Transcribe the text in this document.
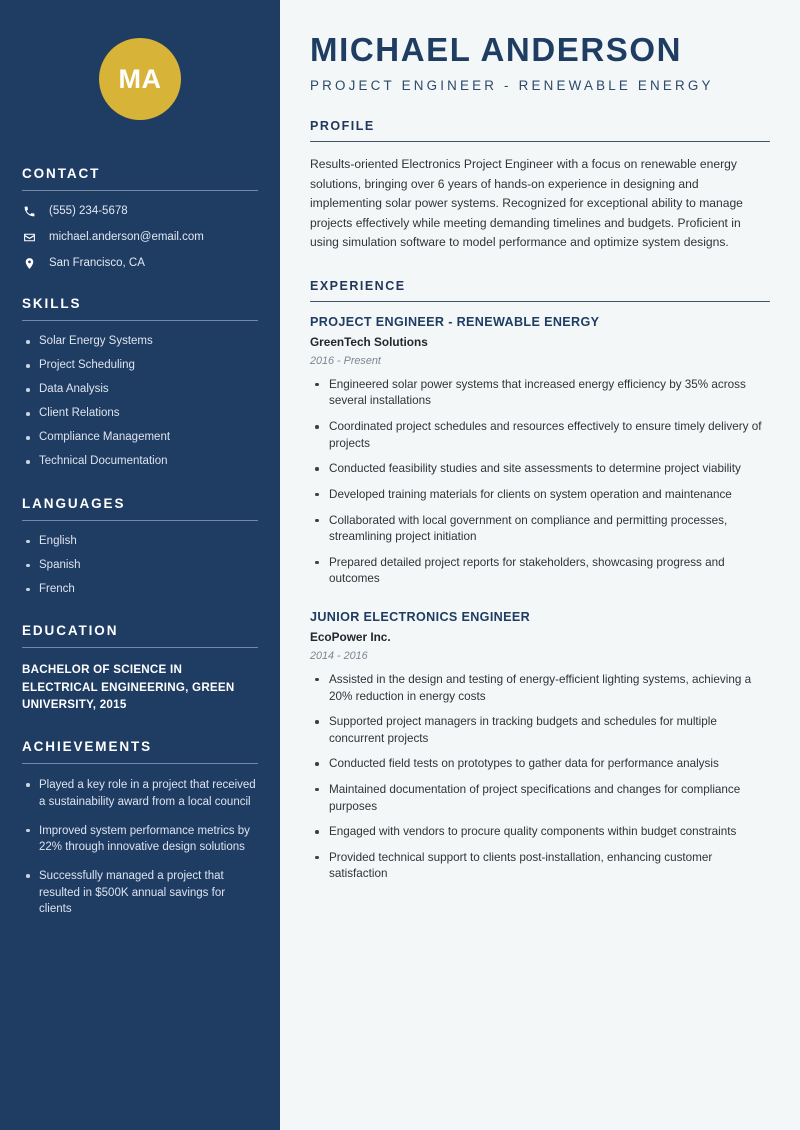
MA
CONTACT
(555) 234-5678
michael.anderson@email.com
San Francisco, CA
SKILLS
Solar Energy Systems
Project Scheduling
Data Analysis
Client Relations
Compliance Management
Technical Documentation
LANGUAGES
English
Spanish
French
EDUCATION
BACHELOR OF SCIENCE IN ELECTRICAL ENGINEERING, GREEN UNIVERSITY, 2015
ACHIEVEMENTS
Played a key role in a project that received a sustainability award from a local council
Improved system performance metrics by 22% through innovative design solutions
Successfully managed a project that resulted in $500K annual savings for clients
MICHAEL ANDERSON
PROJECT ENGINEER - RENEWABLE ENERGY
PROFILE

Results-oriented Electronics Project Engineer with a focus on renewable energy solutions, bringing over 6 years of hands-on experience in designing and implementing solar power systems. Recognized for exceptional ability to manage projects effectively while meeting demanding timelines and budgets. Proficient in using simulation software to model performance and optimize system designs.

EXPERIENCE
PROJECT ENGINEER - RENEWABLE ENERGY
GreenTech Solutions
2016 - Present
Engineered solar power systems that increased energy efficiency by 35% across several installations
Coordinated project schedules and resources effectively to ensure timely delivery of projects
Conducted feasibility studies and site assessments to determine project viability
Developed training materials for clients on system operation and maintenance
Collaborated with local government on compliance and permitting processes, streamlining project initiation
Prepared detailed project reports for stakeholders, showcasing progress and outcomes
JUNIOR ELECTRONICS ENGINEER
EcoPower Inc.
2014 - 2016
Assisted in the design and testing of energy-efficient lighting systems, achieving a 20% reduction in energy costs
Supported project managers in tracking budgets and schedules for multiple concurrent projects
Conducted field tests on prototypes to gather data for performance analysis
Maintained documentation of project specifications and changes for compliance purposes
Engaged with vendors to procure quality components within budget constraints
Provided technical support to clients post-installation, enhancing customer satisfaction
